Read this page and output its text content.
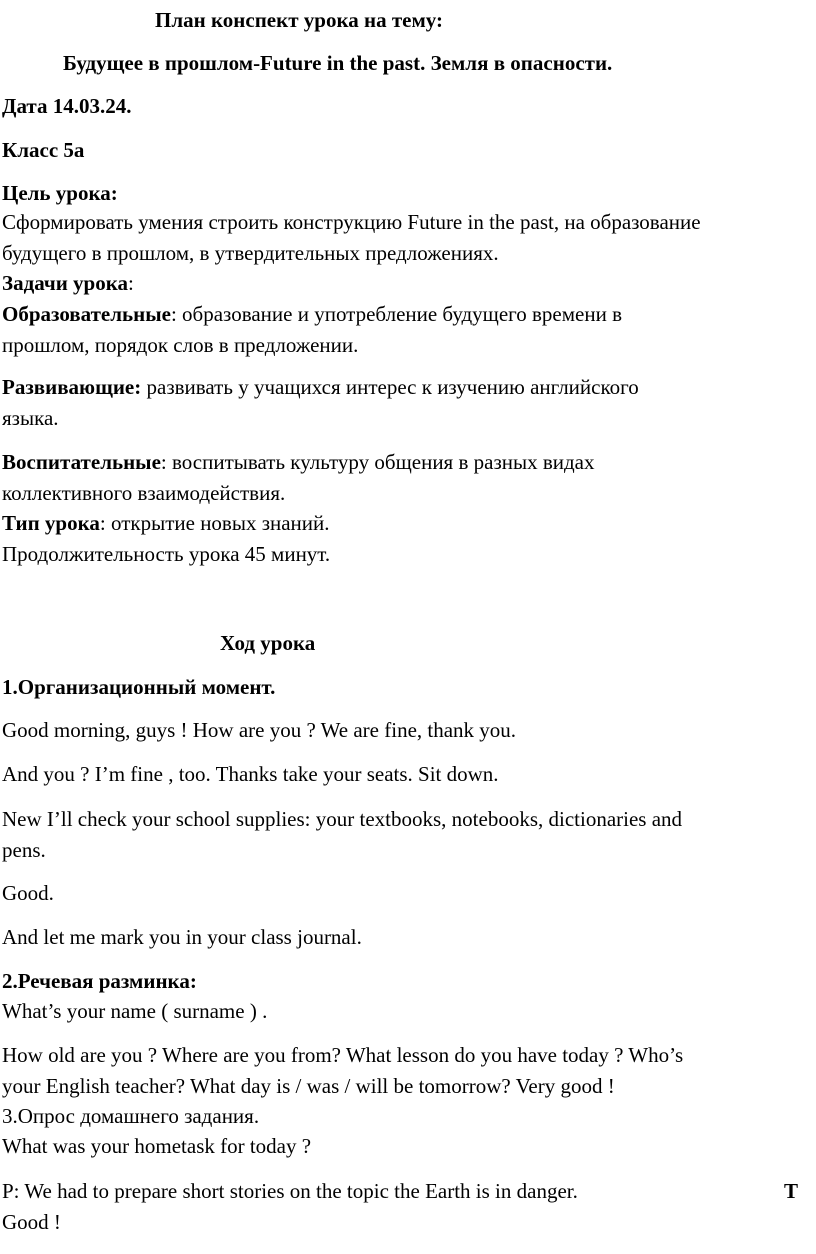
План конспект урока на тему:
Будущее в прошлом-Future in the past. Земля в опасности.
Дата 14.03.24.
Класс 5а
Цель урока:
Сформировать умения строить конструкцию Future in the past, на образование
будущего в прошлом, в утвердительных предложениях.
Задачи урока:
Образовательные: образование и употребление будущего времени в
прошлом, порядок слов в предложении.
Развивающие: развивать у учащихся интерес к изучению английского
языка.
Воспитательные: воспитывать культуру общения в разных видах
коллективного взаимодействия.
Тип урока: открытие новых знаний.
Продолжительность урока 45 минут.
Ход урока
1.Организационный момент.
Good morning, guys ! How are you ? We are fine, thank you.
And you ? I’m fine , too. Thanks take your seats. Sit down.
New I’ll check your school supplies: your textbooks, notebooks, dictionaries and
pens.
Good.
And let me mark you in your class journal.
2.Речевая разминка:
What’s your name ( surname ) .
How old are you ? Where are you from? What lesson do you have today ? Who’s
your English teacher? What day is / was / will be tomorrow? Very good !
3.Опрос домашнего задания.
What was your hometask for today ?
P: We had to prepare short stories on the topic the Earth is in danger.	T
Good !
